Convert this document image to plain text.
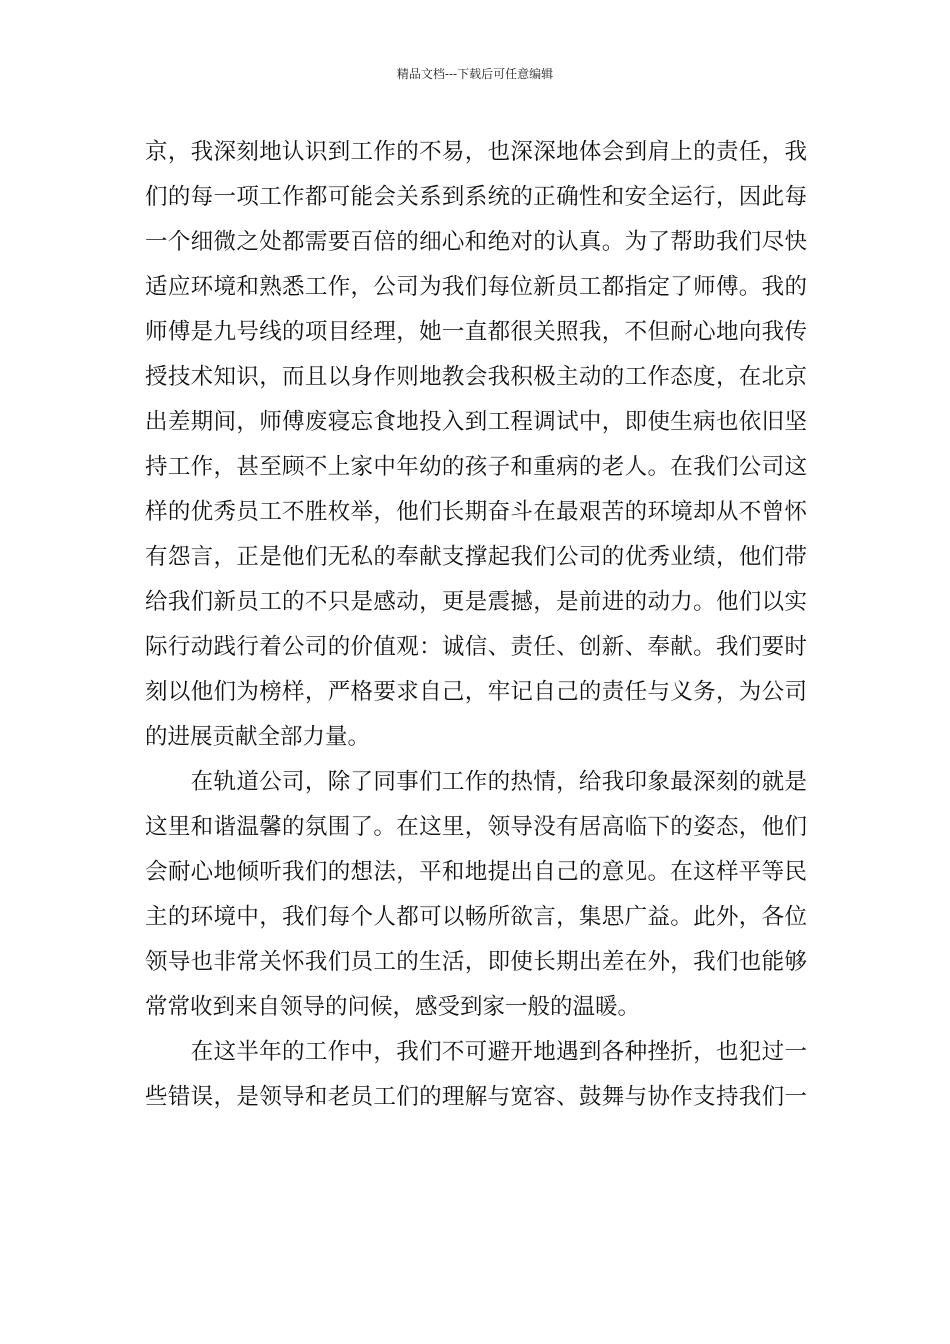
精品文档---下载后可任意编辑
京，我深刻地认识到工作的不易，也深深地体会到肩上的责任，我
们的每一项工作都可能会关系到系统的正确性和安全运行，因此每
一个细微之处都需要百倍的细心和绝对的认真。为了帮助我们尽快
适应环境和熟悉工作，公司为我们每位新员工都指定了师傅。我的
师傅是九号线的项目经理，她一直都很关照我，不但耐心地向我传
授技术知识，而且以身作则地教会我积极主动的工作态度，在北京
出差期间，师傅废寝忘食地投入到工程调试中，即使生病也依旧坚
持工作，甚至顾不上家中年幼的孩子和重病的老人。在我们公司这
样的优秀员工不胜枚举，他们长期奋斗在最艰苦的环境却从不曾怀
有怨言，正是他们无私的奉献支撑起我们公司的优秀业绩，他们带
给我们新员工的不只是感动，更是震撼，是前进的动力。他们以实
际行动践行着公司的价值观：诚信、责任、创新、奉献。我们要时
刻以他们为榜样，严格要求自己，牢记自己的责任与义务，为公司
的进展贡献全部力量。
　　在轨道公司，除了同事们工作的热情，给我印象最深刻的就是
这里和谐温馨的氛围了。在这里，领导没有居高临下的姿态，他们
会耐心地倾听我们的想法，平和地提出自己的意见。在这样平等民
主的环境中，我们每个人都可以畅所欲言，集思广益。此外，各位
领导也非常关怀我们员工的生活，即使长期出差在外，我们也能够
常常收到来自领导的问候，感受到家一般的温暖。
　　在这半年的工作中，我们不可避开地遇到各种挫折，也犯过一
些错误，是领导和老员工们的理解与宽容、鼓舞与协作支持我们一
